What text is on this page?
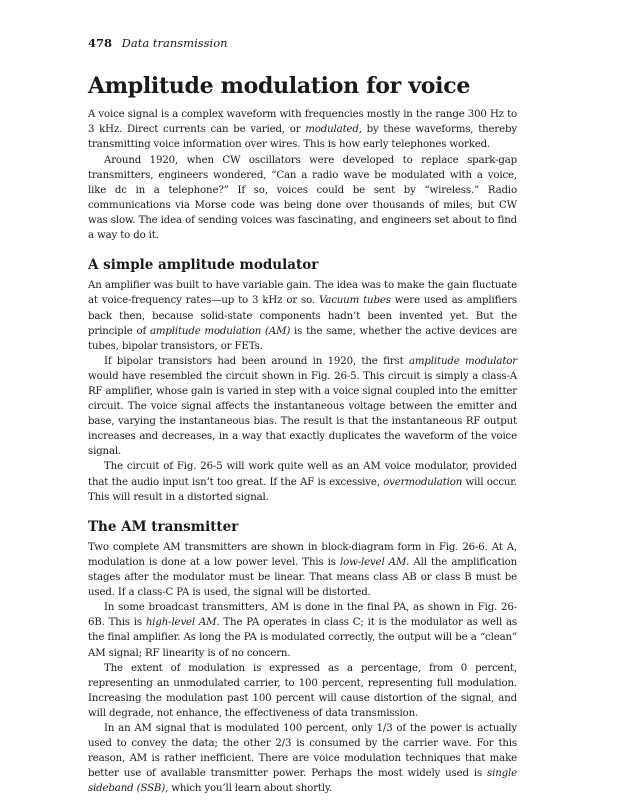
478 Data transmission
Amplitude modulation for voice

A voice signal is a complex waveform with frequencies mostly in the range 300 Hz to 3 kHz. Direct currents can be varied, or modulated, by these waveforms, thereby transmitting voice information over wires. This is how early telephones worked.

Around 1920, when CW oscillators were developed to replace spark-gap transmitters, engineers wondered, “Can a radio wave be modulated with a voice, like dc in a telephone?” If so, voices could be sent by “wireless.” Radio communications via Morse code was being done over thousands of miles, but CW was slow. The idea of sending voices was fascinating, and engineers set about to find a way to do it.

A simple amplitude modulator

An amplifier was built to have variable gain. The idea was to make the gain fluctuate at voice-frequency rates—up to 3 kHz or so. Vacuum tubes were used as amplifiers back then, because solid-state components hadn’t been invented yet. But the principle of amplitude modulation (AM) is the same, whether the active devices are tubes, bipolar transistors, or FETs.

If bipolar transistors had been around in 1920, the first amplitude modulator would have resembled the circuit shown in Fig. 26-5. This circuit is simply a class-A RF amplifier, whose gain is varied in step with a voice signal coupled into the emitter circuit. The voice signal affects the instantaneous voltage between the emitter and base, varying the instantaneous bias. The result is that the instantaneous RF output increases and decreases, in a way that exactly duplicates the waveform of the voice signal.

The circuit of Fig. 26-5 will work quite well as an AM voice modulator, provided that the audio input isn’t too great. If the AF is excessive, overmodulation will occur. This will result in a distorted signal.

The AM transmitter

Two complete AM transmitters are shown in block-diagram form in Fig. 26-6. At A, modulation is done at a low power level. This is low-level AM. All the amplification stages after the modulator must be linear. That means class AB or class B must be used. If a class-C PA is used, the signal will be distorted.

In some broadcast transmitters, AM is done in the final PA, as shown in Fig. 26-6B. This is high-level AM. The PA operates in class C; it is the modulator as well as the final amplifier. As long the PA is modulated correctly, the output will be a “clean” AM signal; RF linearity is of no concern.

The extent of modulation is expressed as a percentage, from 0 percent, representing an unmodulated carrier, to 100 percent, representing full modulation. Increasing the modulation past 100 percent will cause distortion of the signal, and will degrade, not enhance, the effectiveness of data transmission.

In an AM signal that is modulated 100 percent, only 1/3 of the power is actually used to convey the data; the other 2/3 is consumed by the carrier wave. For this reason, AM is rather inefficient. There are voice modulation techniques that make better use of available transmitter power. Perhaps the most widely used is single sideband (SSB), which you’ll learn about shortly.
